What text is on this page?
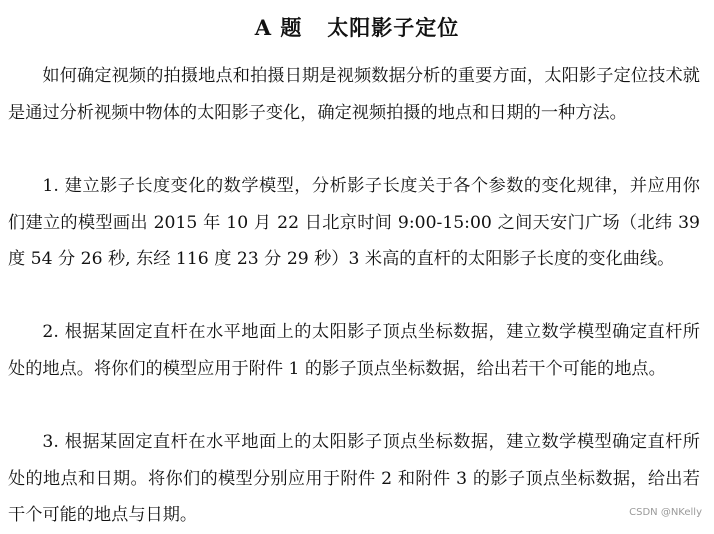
A 题   太阳影子定位

如何确定视频的拍摄地点和拍摄日期是视频数据分析的重要方面，太阳影子定位技术就是通过分析视频中物体的太阳影子变化，确定视频拍摄的地点和日期的一种方法。

1. 建立影子长度变化的数学模型，分析影子长度关于各个参数的变化规律，并应用你们建立的模型画出 2015 年 10 月 22 日北京时间 9:00-15:00 之间天安门广场（北纬 39 度 54 分 26 秒, 东经 116 度 23 分 29 秒）3 米高的直杆的太阳影子长度的变化曲线。

2. 根据某固定直杆在水平地面上的太阳影子顶点坐标数据，建立数学模型确定直杆所处的地点。将你们的模型应用于附件 1 的影子顶点坐标数据，给出若干个可能的地点。

3. 根据某固定直杆在水平地面上的太阳影子顶点坐标数据，建立数学模型确定直杆所处的地点和日期。将你们的模型分别应用于附件 2 和附件 3 的影子顶点坐标数据，给出若干个可能的地点与日期。	CSDN @NKelly
